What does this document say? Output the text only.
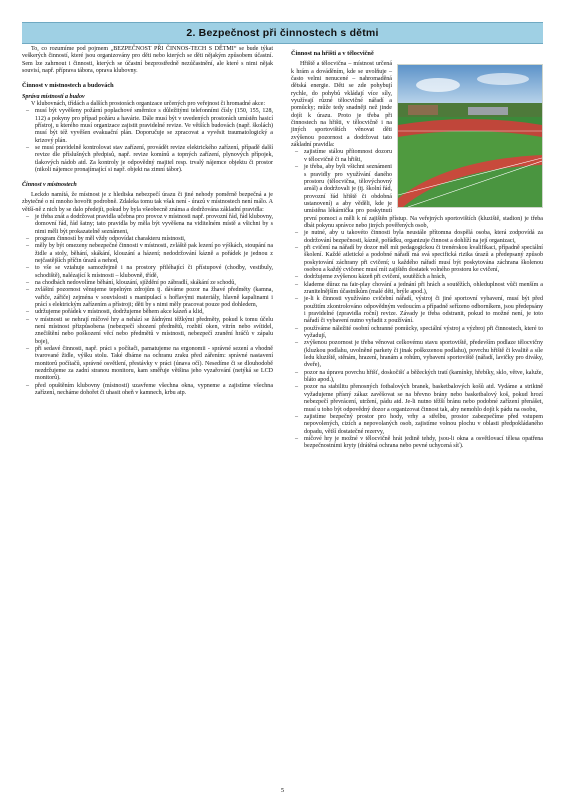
2. Bezpečnost při činnostech s dětmi

To, co rozumíme pod pojmem „BEZPEČNOST PŘI ČINNOS-TECH S DĚTMI“ se bude týkat veškerých činností, které jsou organizovány pro děti nebo kterých se děti nějakým způsobem účastní. Sem lze zahrnout i činnosti, kterých se účastní bezprostředně nezúčastnění, ale které s nimi nějak souvisí, např. příprava tábora, oprava klubovny.

Činnost v místnostech a budovách

Správa místností a budov

V klubovnách, třídách a dalších prostorách organizace určených pro veřejnost či hromadné akce:

– musí být vyvěšeny požární poplachové směrnice s důležitými telefonními čísly (150, 155, 128, 112) a pokyny pro případ požáru a havárie. Dále musí být v uvedených prostorách umístěn hasicí přístroj, u kterého musí organizace zajistit pravidelné revize. Ve větších budovách (např. školách) musí být též vyvěšen evakuační plán. Doporučuje se zpracovat a vyvěsit traumatologický a krizový plán.
– se musí pravidelně kontrolovat stav zařízení, provádět revize elektrického zařízení, případě další revize dle příslušných předpisů, např. revize komínů a topných zařízení, plynových přípojek, tlakových nádob atd. Za kontroly je odpovědný majitel resp. trvalý nájemce objektu či prostor (nikoli nájemce pronajímající si např. objekt na zimní tábor).

Činnost v místnostech

Leckdo namítá, že místnost je z hlediska nebezpečí úrazu či jiné nehody poměrně bezpečná a je zbytečné o ní mnoho hovořit podrobně. Zdaleka tomu tak však není - úrazů v místnostech není málo. A větší-ně z nich by se dalo předejít, pokud by byla všeobecně známa a dodržována základní pravidla:

– je třeba znát a dodržovat pravidla učebna pro provoz v místnosti např. provozní řád, řád klubovny, domovní řád, řád šatny; tato pravidla by měla být vyvěšena na viditelném místě a všichni by s nimi měli být prokazatelně seznámeni,
– program činností by měl vždy odpovídat charakteru místnosti,
– měly by být omezeny nebezpečné činnosti v místnosti, zvláště pak lezení po výškách, stoupání na židle a stoly, běhání, skákání, klouzání a házení; nedodržování kázně a pořádek je jednou z nejčastějších příčin úrazů a nehod,
– to vše se vztahuje samozřejmě i na prostory přiléhající či přístupové (chodby, vestibuly, schodiště), nalézající k místnosti – klubovně, třídě,
– na chodbách nedovolíme běhání, klouzání, sjíždění po zábradlí, skákání ze schodů,
– zvláštní pozornost věnujeme tepelným zdrojům tj. dáváme pozor na žhavé předměty (kamna, vařiče, zářiče) zejména v souvislosti s manipulací s hořlavými materiály, hlavně kapalinami i prácí s elektrickým zařízením a přístroji; děti by s nimi měly pracovat pouze pod dohledem,
– udržujeme pořádek v místnosti, dodržujeme během akce kázeň a klid,
– v místnosti se nehrají míčové hry a nehází se žádnými těžkými předměty, pokud k tomu účelu není místnost přizpůsobena (nebezpečí shození předmětů, rozbití oken, vitrín nebo svítidel, znečištění nebo poškození věcí nebo předmětů v místnosti, nebezpečí zranění hráčů v zápalu boje),
– při sedavé činnosti, např. práci s počítači, pamatujeme na ergonomii - správné sezení a vhodně tvarované židle, výšku stolu. Také dbáme na ochranu zraku před zářením: správné nastavení monitorů počítačů, správné osvětlení, přestávky v práci (únava očí). Nesedíme či se dlouhodobě nezdržujeme za zadní stranou monitoru, kam směřuje většina jeho vyzařování (netýká se LCD monitorů).
– před opuštěním klubovny (místnosti) uzavřeme všechna okna, vypneme a zajistíme všechna zařízení, necháme dohořet či uhasit oheň v kamnech, krbu atp.

Činnost na hřišti a v tělocvičně

Hřiště a tělocvična – místnost určená k hrám a dováděním, kde se uvolňuje – často velmi nenucené – nahromaděná dětská energie. Děti se zde pohybují rychle, do pohybů vkládají více síly, využívají různé tělocvičné nářadí a pomůcky; může tedy snadněji než jinde dojít k úrazu. Proto je třeba při činnostech na hřišti, v tělocvičně i na jiných sportovištích věnovat děti zvýšenou pozornost a dodržovat tato základní pravidla:

– zajistíme stálou přítomnost dozoru v tělocvičně či na hřišti,
– je třeba, aby byli všichni seznámeni s pravidly pro využívání daného prostoru (tělocvična, tělovýchovný areál) a dodržovali je (tj. školní řád, provozní řád hřiště či obdobná ustanovení) a aby věděli, kde je umístěna lékárnička pro poskytnutí první pomoci a měli k ní zajištěn přístup. Na veřejných sportovištích (kluziště, stadion) je třeba dbát pokynu správce nebo jiných pověřených osob,
– je nutné, aby u takovéto činnosti byla neustále přítomna dospělá osoba, která zodpovídá za dodržování bezpečnosti, kázně, pořádku, organizuje činnost a dohlíží na její organizaci,
– při cvičení na nářadí by dozor měl mít pedagogickou či trenérskou kvalifikaci, případně speciální školení. Každé atletické a podobné nářadí má svá specifická rizika úrazů a předepsaný způsob poskytování záchrany při cvičení; u každého nářadí musí být poskytována záchrana školenou osobou a každý cvičenec musí mít zajištěn dostatek volného prostoru ke cvičení,
– dodržujeme zvýšenou kázeň při cvičení, soutěžích a hrách,
– klademe důraz na fair-play chování a jednání při hrách a soutěžích, ohleduplnost vůči menším a zranitelnějším účastníkům (malé děti, brýle apod.),
– je-li k činnosti využíváno cvičební nářadí, výstroj či jiné sportovní vybavení, musí být před použitím zkontrolováno odpovědným vedoucím a případně seřízeno odborníkem, jsou předepsány i pravidelné (zpravidla roční) revize. Závady je třeba odstranit, pokud to možné není, je toto nářadí či vybavení nutno vyřadit z používání.
– používáme náležité osobní ochranné pomůcky, speciální výstroj a výzbroj při činnostech, které to vyžadují,
– zvýšenou pozornost je třeba věnovat celkovému stavu sportoviště, především podlaze tělocvičny (kluzkou podlahu, uvolněné parkety či jinak poškozenou podlahu), povrchu hřiště či kvalitě a síle ledu kluziště, stěnám, hrazení, hranám a rohům, vybavení sportoviště (nářadí, lavičky pro diváky, dveře),
– pozor na úpravu povrchu hřišť, doskočišť a běžeckých tratí (kamínky, hřebíky, sklo, větve, kaluže, bláto apod.),
– pozor na stabilitu přenosných fotbalových branek, basketbalových košů atd. Vydáme a striktně vyžadujeme přísný zákaz zavěšovat se na břevno brány nebo basketbalový koš, pokud hrozí nebezpečí převrácení, utržení, pádu atd. Je-li nutno těžší bránu nebo podobné zařízení přenášet, musí u toho být odpovědný dozor a organizovat činnost tak, aby nemohlo dojít k pádu na osobu,
– zajistíme bezpečný prostor pro hody, vrhy a střelbu, prostor zabezpečíme před vstupem nepovolených, cizích a nepovolaných osob, zajistíme volnou plochu v oblasti předpokládaného dopadu, větší dostatečné rezervy,
– míčové hry je možné v tělocvičně hrát jedině tehdy, jsou-li okna a osvětlovací tělesa opatřena bezpečnostními kryty (drátěná ochrana nebo pevné uchycená síť).
5
